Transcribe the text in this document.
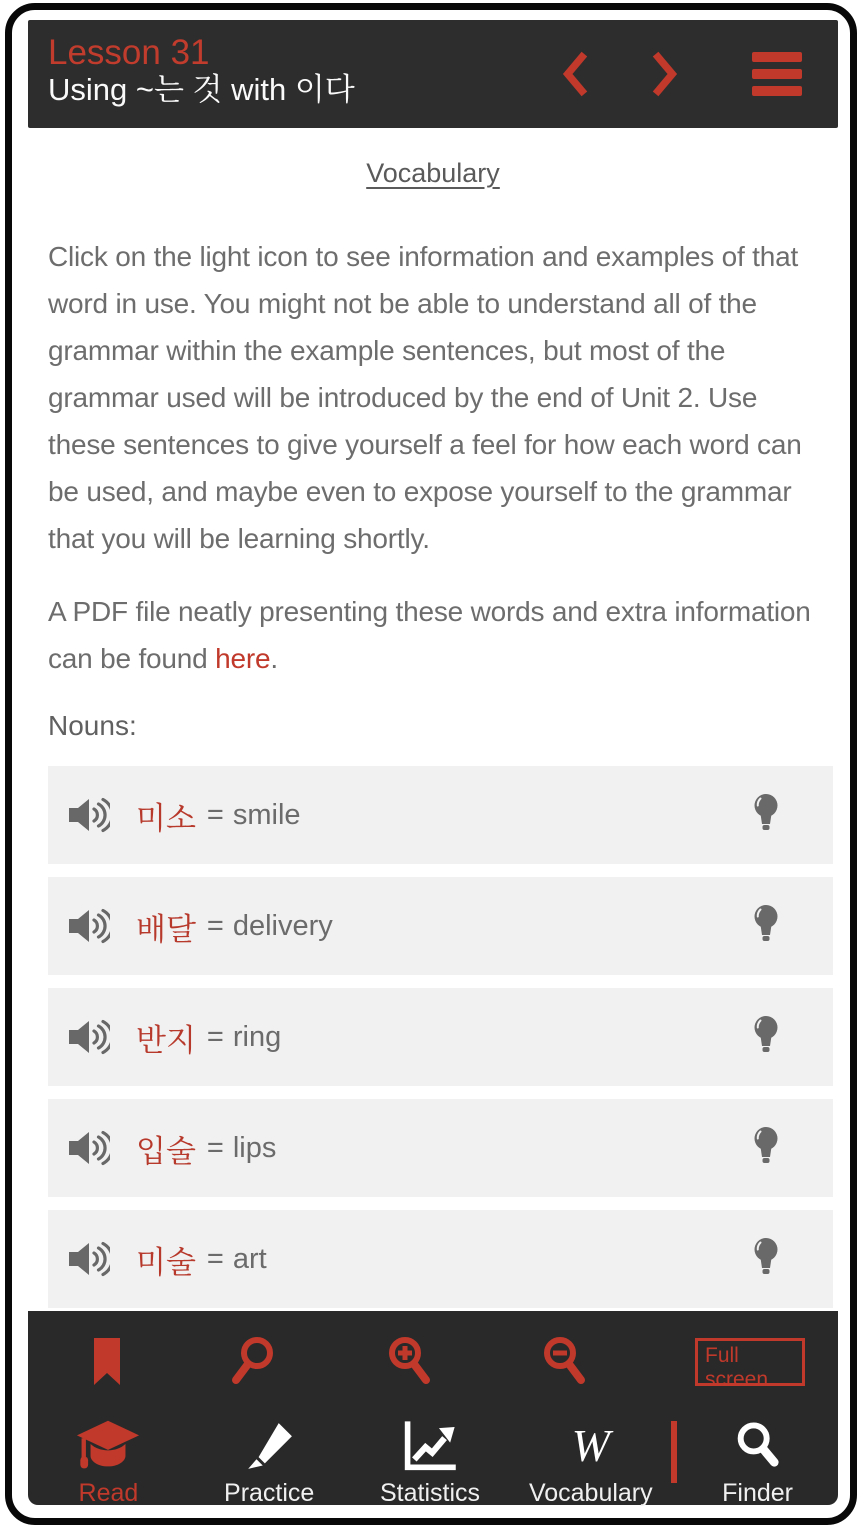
Lesson 31
Using ~는 것 with 이다
Vocabulary

Click on the light icon to see information and examples of that word in use. You might not be able to understand all of the grammar within the example sentences, but most of the grammar used will be introduced by the end of Unit 2. Use these sentences to give yourself a feel for how each word can be used, and maybe even to expose yourself to the grammar that you will be learning shortly.

A PDF file neatly presenting these words and extra information can be found here.

Nouns:
미소 = smile
배달 = delivery
반지 = ring
입술 = lips
미술 = art
Full screen
Read	Practice	Statistics
W
Vocabulary	Finder
